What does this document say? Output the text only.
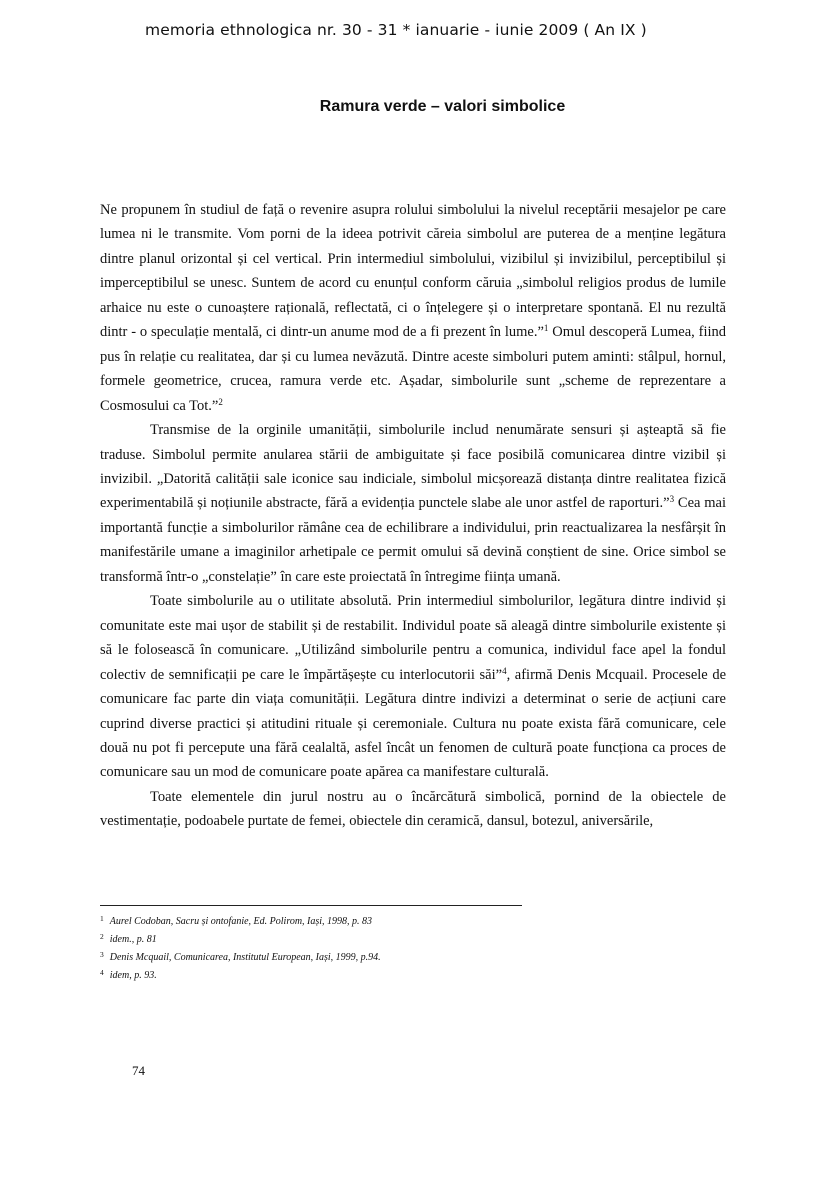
memoria ethnologica nr. 30 - 31 * ianuarie - iunie 2009 ( An IX )
Ramura verde – valori simbolice

Ne propunem în studiul de față o revenire asupra rolului simbolului la nivelul receptării mesajelor pe care lumea ni le transmite. Vom porni de la ideea potrivit căreia simbolul are puterea de a menține legătura dintre planul orizontal și cel vertical. Prin intermediul simbolului, vizibilul și invizibilul, perceptibilul și imperceptibilul se unesc. Suntem de acord cu enunțul conform căruia „simbolul religios produs de lumile arhaice nu este o cunoaștere rațională, reflectată, ci o înțelegere și o interpretare spontană. El nu rezultă dintr - o speculație mentală, ci dintr-un anume mod de a fi prezent în lume.”$^1$ Omul descoperă Lumea, fiind pus în relație cu realitatea, dar și cu lumea nevăzută. Dintre aceste simboluri putem aminti: stâlpul, hornul, formele geometrice, crucea, ramura verde etc. Așadar, simbolurile sunt „scheme de reprezentare a Cosmosului ca Tot.”$^2$

Transmise de la orginile umanității, simbolurile includ nenumărate sensuri și așteaptă să fie traduse. Simbolul permite anularea stării de ambiguitate și face posibilă comunicarea dintre vizibil și invizibil. „Datorită calității sale iconice sau indiciale, simbolul micșorează distanța dintre realitatea fizică experimentabilă și noțiunile abstracte, fără a evidenția punctele slabe ale unor astfel de raporturi.”$^3$ Cea mai importantă funcție a simbolurilor rămâne cea de echilibrare a individului, prin reactualizarea la nesfârșit în manifestările umane a imaginilor arhetipale ce permit omului să devină conștient de sine. Orice simbol se transformă într-o „constelație” în care este proiectată în întregime ființa umană.

Toate simbolurile au o utilitate absolută. Prin intermediul simbolurilor, legătura dintre individ și comunitate este mai ușor de stabilit și de restabilit. Individul poate să aleagă dintre simbolurile existente și să le folosească în comunicare. „Utilizând simbolurile pentru a comunica, individul face apel la fondul colectiv de semnificații pe care le împărtășește cu interlocutorii săi”$^4$, afirmă Denis Mcquail. Procesele de comunicare fac parte din viața comunității. Legătura dintre indivizi a determinat o serie de acțiuni care cuprind diverse practici și atitudini rituale și ceremoniale. Cultura nu poate exista fără comunicare, cele două nu pot fi percepute una fără cealaltă, asfel încât un fenomen de cultură poate funcționa ca proces de comunicare sau un mod de comunicare poate apărea ca manifestare culturală.

Toate elementele din jurul nostru au o încărcătură simbolică, pornind de la obiectele de vestimentație, podoabele purtate de femei, obiectele din ceramică, dansul, botezul, aniversările,

$^1$ Aurel Codoban, Sacru și ontofanie, Ed. Polirom, Iași, 1998, p. 83
$^2$ idem., p. 81
$^3$ Denis Mcquail, Comunicarea, Institutul European, Iași, 1999, p.94.
$^4$ idem, p. 93.
74
